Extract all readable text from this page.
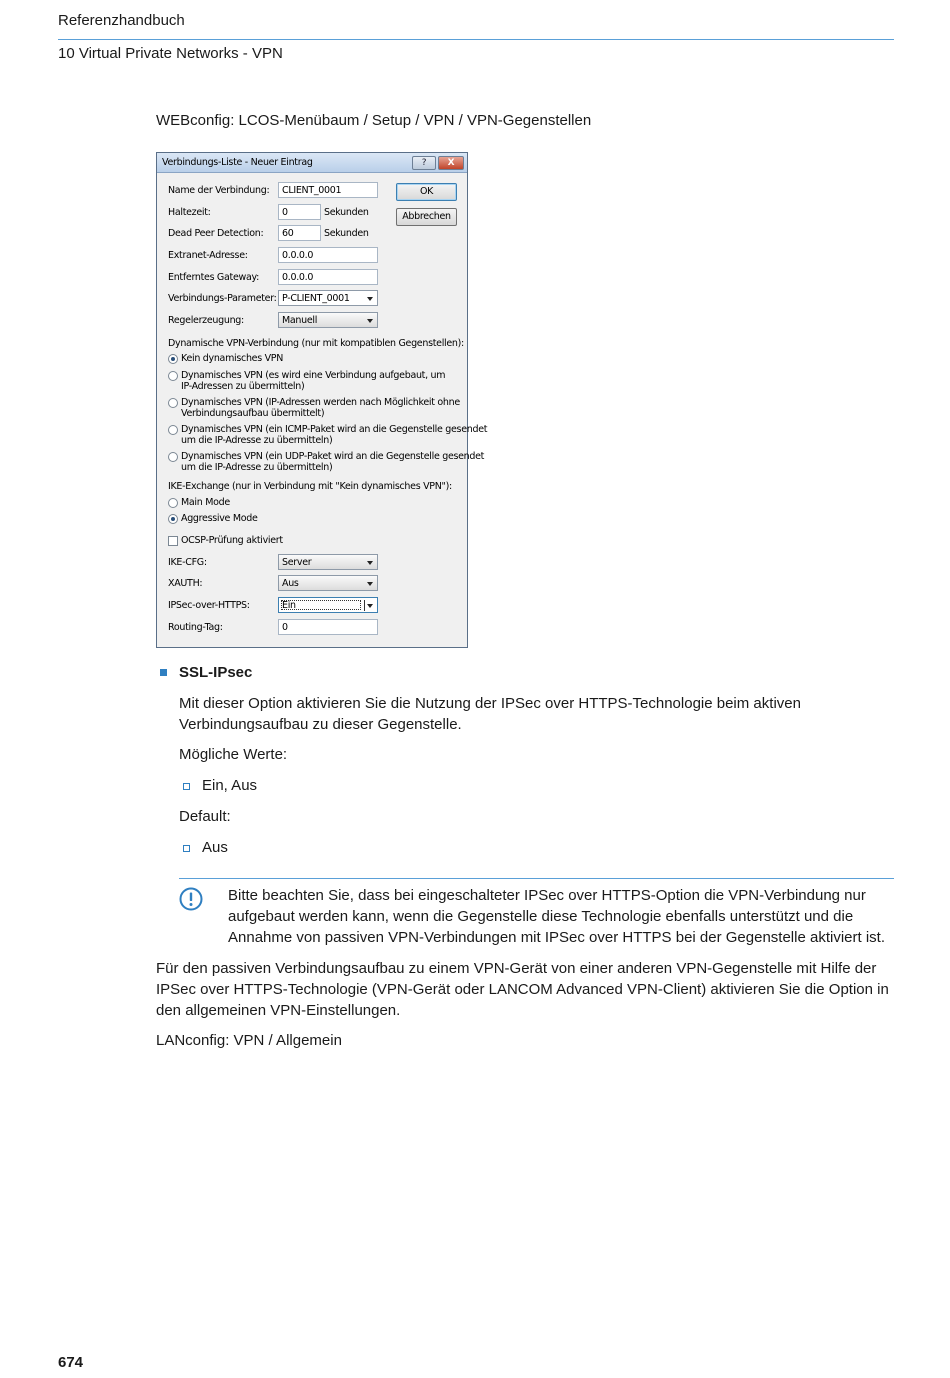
Referenzhandbuch
10 Virtual Private Networks - VPN
WEBconfig: LCOS-Menübaum / Setup / VPN / VPN-Gegenstellen
Verbindungs-Liste - Neuer Eintrag	?	X
OK
Abbrechen
Name der Verbindung:	CLIENT_0001
Haltezeit:	0	Sekunden
Dead Peer Detection:	60	Sekunden
Extranet-Adresse:	0.0.0.0
Entferntes Gateway:	0.0.0.0
Verbindungs-Parameter: P-CLIENT_0001
Regelerzeugung:	Manuell
Dynamische VPN-Verbindung (nur mit kompatiblen Gegenstellen):
Kein dynamisches VPN
Dynamisches VPN (es wird eine Verbindung aufgebaut, um
IP-Adressen zu übermitteln)
Dynamisches VPN (IP-Adressen werden nach Möglichkeit ohne
Verbindungsaufbau übermittelt)
Dynamisches VPN (ein ICMP-Paket wird an die Gegenstelle gesendet
um die IP-Adresse zu übermitteln)
Dynamisches VPN (ein UDP-Paket wird an die Gegenstelle gesendet
um die IP-Adresse zu übermitteln)
IKE-Exchange (nur in Verbindung mit "Kein dynamisches VPN"):
Main Mode
Aggressive Mode
OCSP-Prüfung aktiviert
IKE-CFG:	Server
XAUTH:	Aus
IPSec-over-HTTPS:	Ein
Routing-Tag:	0
SSL-IPsec
Mit dieser Option aktivieren Sie die Nutzung der IPSec over HTTPS-Technologie beim aktiven Verbindungsaufbau zu dieser Gegenstelle.
Mögliche Werte:
Ein, Aus
Default:
Aus
Bitte beachten Sie, dass bei eingeschalteter IPSec over HTTPS-Option die VPN-Verbindung nur aufgebaut werden kann, wenn die Gegenstelle diese Technologie ebenfalls unterstützt und die Annahme von passiven VPN-Verbindungen mit IPSec over HTTPS bei der Gegenstelle aktiviert ist.
Für den passiven Verbindungsaufbau zu einem VPN-Gerät von einer anderen VPN-Gegenstelle mit Hilfe der IPSec over HTTPS-Technologie (VPN-Gerät oder LANCOM Advanced VPN-Client) aktivieren Sie die Option in den allgemeinen VPN-Einstellungen.
LANconfig: VPN / Allgemein
674
